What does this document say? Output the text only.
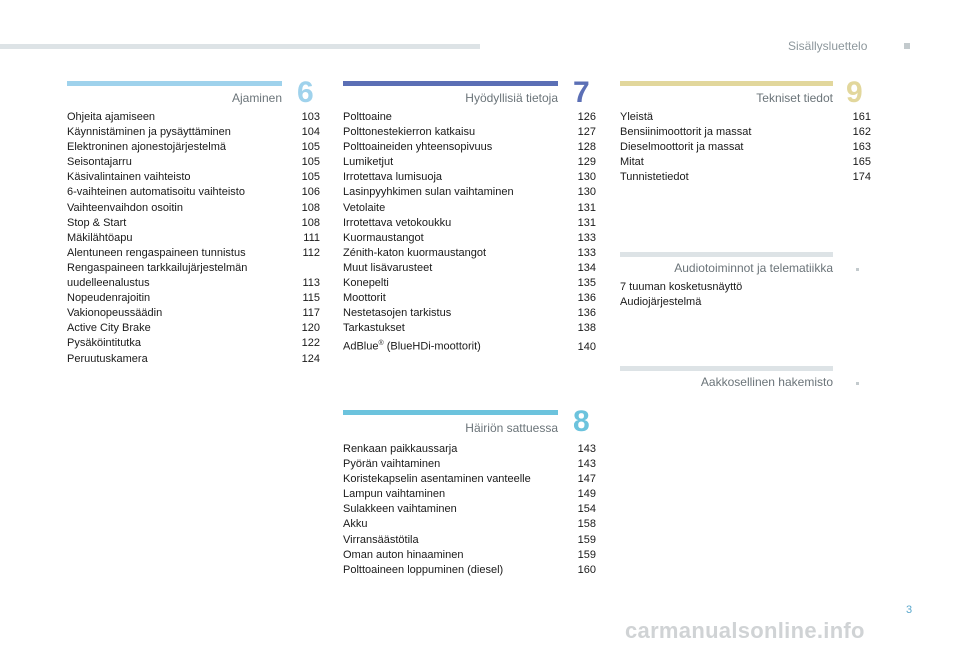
Sisällysluettelo
Ajaminen 6
Ohjeita ajamiseen	103
Käynnistäminen ja pysäyttäminen	104
Elektroninen ajonestojärjestelmä	105
Seisontajarru	105
Käsivalintainen vaihteisto	105
6-vaihteinen automatisoitu vaihteisto	106
Vaihteenvaihdon osoitin	108
Stop & Start	108
Mäkilähtöapu	111
Alentuneen rengaspaineen tunnistus	112
Rengaspaineen tarkkailujärjestelmän
uudelleenalustus	113
Nopeudenrajoitin	115
Vakionopeussäädin	117
Active City Brake	120
Pysäköintitutka	122
Peruutuskamera	124
Hyödyllisiä tietoja 7
Polttoaine	126
Polttonestekierron katkaisu	127
Polttoaineiden yhteensopivuus	128
Lumiketjut	129
Irrotettava lumisuoja	130
Lasinpyyhkimen sulan vaihtaminen	130
Vetolaite	131
Irrotettava vetokoukku	131
Kuormaustangot	133
Zénith-katon kuormaustangot	133
Muut lisävarusteet	134
Konepelti	135
Moottorit	136
Nestetasojen tarkistus	136
Tarkastukset	138
AdBlue® (BlueHDi-moottorit)	140
Tekniset tiedot 9
Yleistä	161
Bensiinimoottorit ja massat	162
Dieselmoottorit ja massat	163
Mitat	165
Tunnistetiedot	174
Audiotoiminnot ja telematiikka
7 tuuman kosketusnäyttö
Audiojärjestelmä
Aakkosellinen hakemisto
Häiriön sattuessa 8
Renkaan paikkaussarja	143
Pyörän vaihtaminen	143
Koristekapselin asentaminen vanteelle	147
Lampun vaihtaminen	149
Sulakkeen vaihtaminen	154
Akku	158
Virransäästötila	159
Oman auton hinaaminen	159
Polttoaineen loppuminen (diesel)	160
3
carmanualsonline.info
